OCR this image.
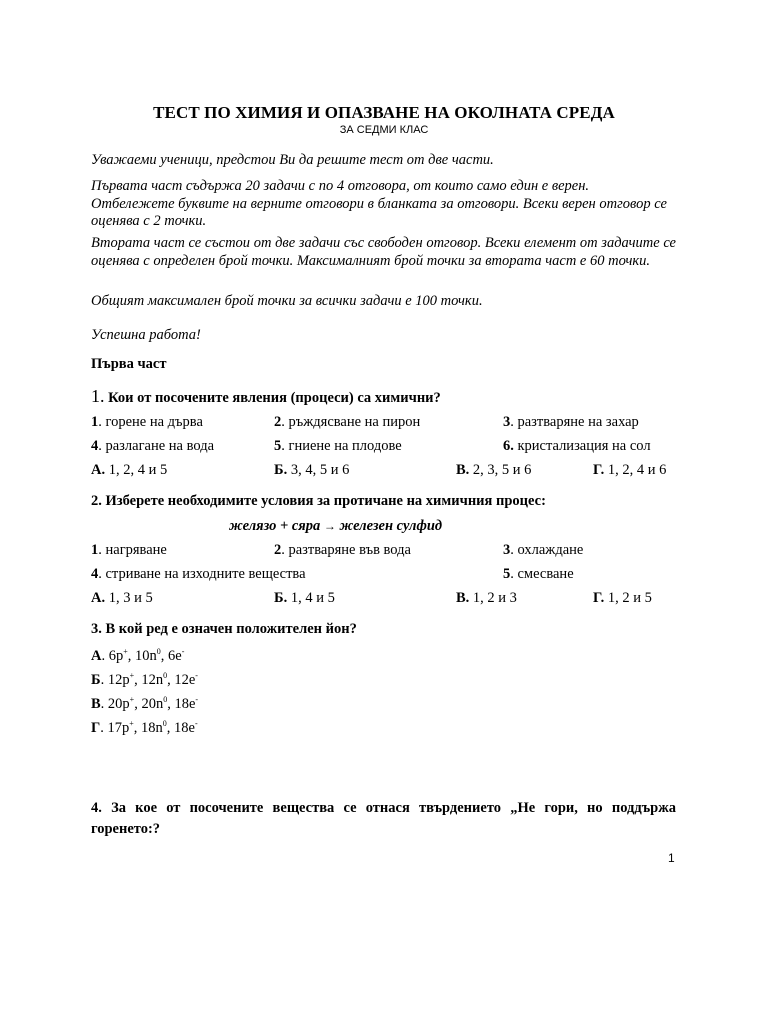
ТЕСТ ПО ХИМИЯ И ОПАЗВАНЕ НА ОКОЛНАТА СРЕДА
ЗА СЕДМИ КЛАС
Уважаеми ученици, предстои Ви да решите тест от две части.
Първата част съдържа 20 задачи с по 4 отговора, от които само един е верен. Отбележете буквите на верните отговори в бланката за отговори. Всеки верен отговор се оценява с 2 точки.
Втората част се състои от две задачи със свободен отговор. Всеки елемент от задачите се оценява с определен брой точки. Максималният брой точки за втората част е 60 точки.
Общият максимален брой точки за всички задачи е 100 точки.
Успешна работа!
Първа част
1. Кои от посочените явления (процеси) са химични?
1. горене на дърва	2. ръждясване на пирон	3. разтваряне на захар
4. разлагане на вода	5. гниене на плодове	6. кристализация на сол
А. 1, 2, 4 и 5	Б. 3, 4, 5 и 6	В. 2, 3, 5 и 6	Г. 1, 2, 4 и 6
2. Изберете необходимите условия за протичане на химичния процес:
желязо + сяра → железен сулфид
1. нагряване	2. разтваряне във вода	3. охлаждане
4. стриване на изходните вещества	5. смесване
А. 1, 3 и 5	Б. 1, 4 и 5	В. 1, 2 и 3	Г. 1, 2 и 5
3. В кой ред е означен положителен йон?
А. 6p+, $10n^0$, 6e-
Б. 12p+, $12n^0$, 12e-
В. 20p+, $20n^0$, 18e-
Г. 17p+, $18n^0$, 18e-
4. За кое от посочените вещества се отнася твърдението „Не гори, но поддържа горенето:?
1
